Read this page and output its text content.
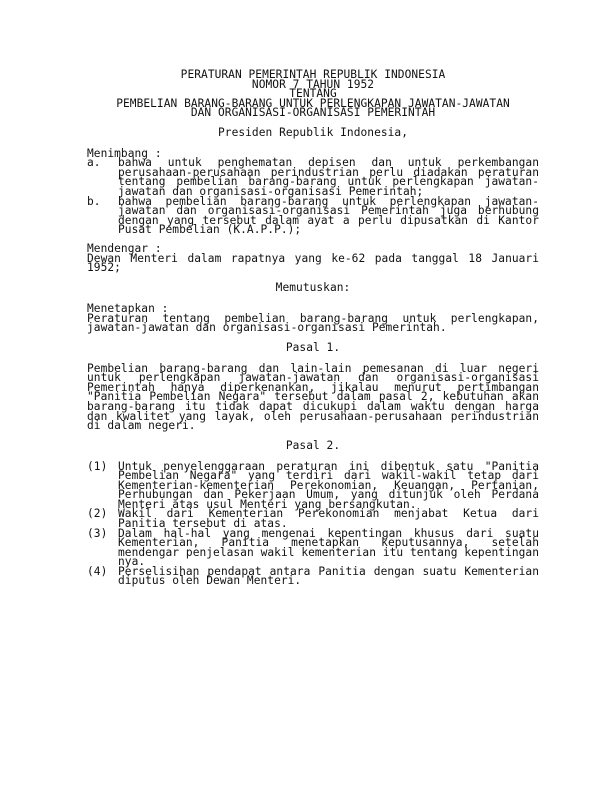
PERATURAN PEMERINTAH REPUBLIK INDONESIA
NOMOR 7 TAHUN 1952
TENTANG
PEMBELIAN BARANG-BARANG UNTUK PERLENGKAPAN JAWATAN-JAWATAN
DAN ORGANISASI-ORGANISASI PEMERINTAH
Presiden Republik Indonesia,
Menimbang :
a.	bahwa untuk penghematan depisen dan untuk perkembangan perusahaan-perusahaan perindustrian perlu diadakan peraturan tentang pembelian barang-barang untuk perlengkapan jawatan-jawatan dan organisasi-organisasi Pemerintah;
b.	bahwa pembelian barang-barang untuk perlengkapan jawatan-jawatan dan organisasi-organisasi Pemerintah juga berhubung dengan yang tersebut dalam ayat a perlu dipusatkan di Kantor Pusat Pembelian (K.A.P.P.);
Mendengar :
Dewan Menteri dalam rapatnya yang ke-62 pada tanggal 18 Januari 1952;
Memutuskan:
Menetapkan :
Peraturan tentang pembelian barang-barang untuk perlengkapan, jawatan-jawatan dan organisasi-organisasi Pemerintah.
Pasal 1.
Pembelian barang-barang dan lain-lain pemesanan di luar negeri untuk perlengkapan jawatan-jawatan dan organisasi-organisasi Pemerintah hanya diperkenankan, jikalau menurut pertimbangan "Panitia Pembelian Negara" tersebut dalam pasal 2, kebutuhan akan barang-barang itu tidak dapat dicukupi dalam waktu dengan harga dan kwalitet yang layak, oleh perusahaan-perusahaan perindustrian di dalam negeri.
Pasal 2.
(1) Untuk penyelenggaraan peraturan ini dibentuk satu "Panitia Pembelian Negara" yang terdiri dari wakil-wakil tetap dari Kementerian-kementerian Perekonomian, Keuangan, Pertanian, Perhubungan dan Pekerjaan Umum, yang ditunjuk oleh Perdana Menteri atas usul Menteri yang bersangkutan.
(2) Wakil dari Kementerian Perekonomian menjabat Ketua dari Panitia tersebut di atas.
(3) Dalam hal-hal yang mengenai kepentingan khusus dari suatu Kementerian, Panitia menetapkan keputusannya, setelah mendengar penjelasan wakil kementerian itu tentang kepentingan nya.
(4) Perselisihan pendapat antara Panitia dengan suatu Kementerian diputus oleh Dewan Menteri.
